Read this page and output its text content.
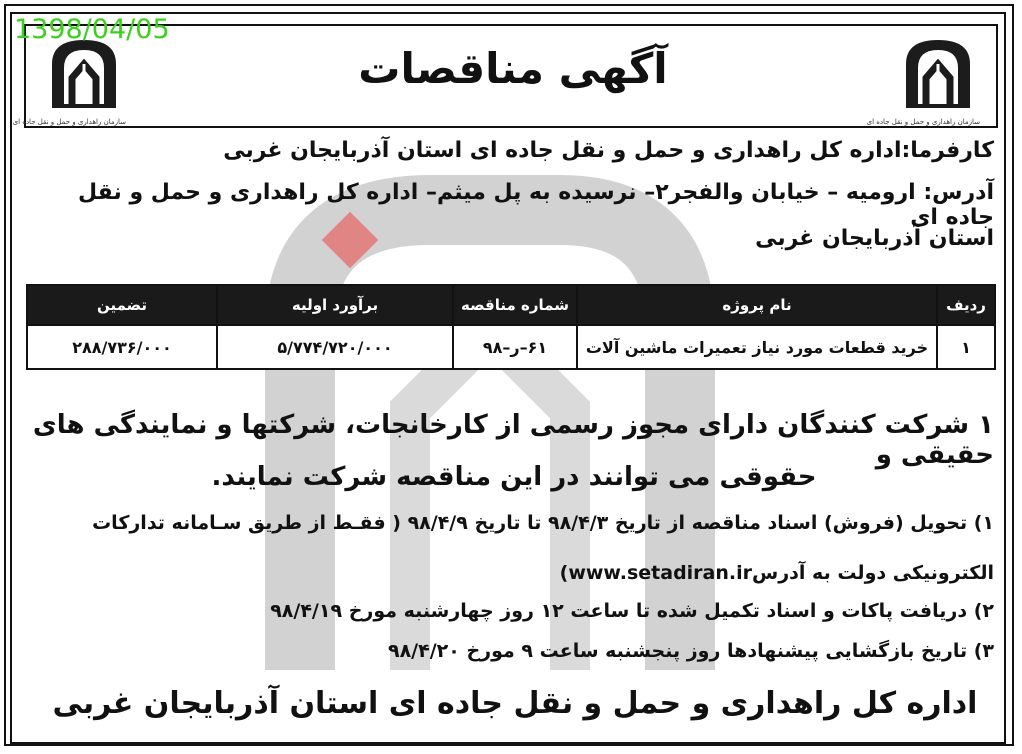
1398/04/05
سازمان راهداری و حمل و نقل جاده ای
آگهی مناقصات
سازمان راهداری و حمل و نقل جاده ای
کارفرما:اداره کل راهداری و حمل و نقل جاده ای استان آذربایجان غربی
آدرس: ارومیه – خیابان والفجر۲– نرسیده به پل میثم– اداره کل راهداری و حمل و نقل جاده ای
استان آذربایجان غربی
ردیف	نام پروژه	شماره مناقصه	برآورد اولیه	تضمین
۱	خرید قطعات مورد نیاز تعمیرات ماشین آلات	۶۱–ر–۹۸	۵/۷۷۴/۷۲۰/۰۰۰	۲۸۸/۷۳۶/۰۰۰
۱ شرکت کنندگان دارای مجوز رسمی از کارخانجات، شرکتها و نمایندگی های حقیقی و
حقوقی می توانند در این مناقصه شرکت نمایند.
۱) تحویل (فروش) اسناد مناقصه از تاریخ ۹۸/۴/۳ تا تاریخ ۹۸/۴/۹ ( فقـط از طریق سـامانه تدارکات
الکترونیکی دولت به آدرسwww.setadiran.ir)
۲) دریافت پاکات و اسناد تکمیل شده تا ساعت ۱۲ روز چهارشنبه مورخ ۹۸/۴/۱۹
۳) تاریخ بازگشایی پیشنهادها روز پنجشنبه ساعت ۹ مورخ ۹۸/۴/۲۰
اداره کل راهداری و حمل و نقل جاده ای استان آذربایجان غربی
